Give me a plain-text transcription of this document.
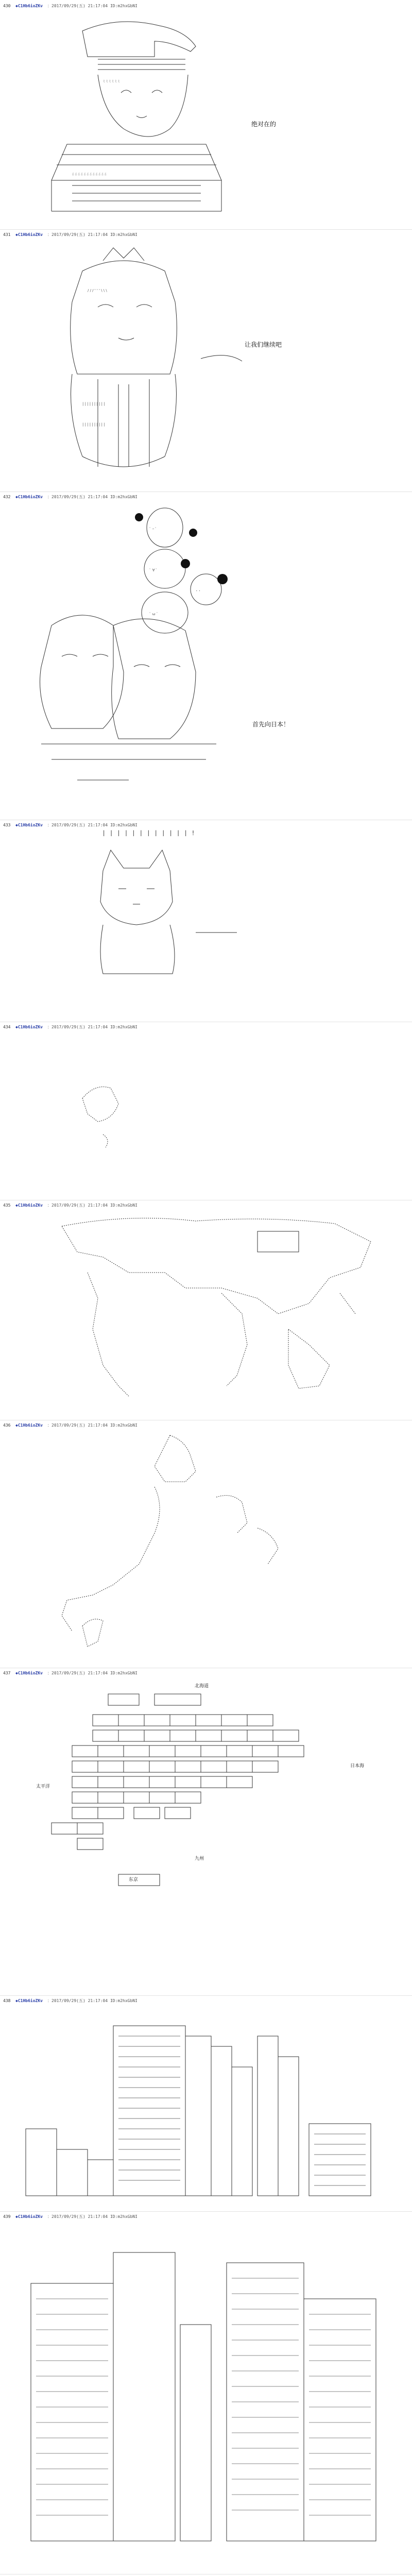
430 ◆C1Hb6ioZKv ：2017/09/29(五) 21:17:04 ID:m2hxGbNI
431 ◆C1Hb6ioZKv ：2017/09/29(五) 21:17:04 ID:m2hxGbNI
432 ◆C1Hb6ioZKv ：2017/09/29(五) 21:17:04 ID:m2hxGbNI
433 ◆C1Hb6ioZKv ：2017/09/29(五) 21:17:04 ID:m2hxGbNI
434 ◆C1Hb6ioZKv ：2017/09/29(五) 21:17:04 ID:m2hxGbNI
435 ◆C1Hb6ioZKv ：2017/09/29(五) 21:17:04 ID:m2hxGbNI
436 ◆C1Hb6ioZKv ：2017/09/29(五) 21:17:04 ID:m2hxGbNI
437 ◆C1Hb6ioZKv ：2017/09/29(五) 21:17:04 ID:m2hxGbNI
438 ◆C1Hb6ioZKv ：2017/09/29(五) 21:17:04 ID:m2hxGbNI
439 ◆C1Hb6ioZKv ：2017/09/29(五) 21:17:04 ID:m2hxGbNI
ﾐ ﾐ ﾐ ﾐ ﾐ ﾐ
ﾆ ﾆ ﾆ ﾆ ﾆ ﾆ ﾆ ﾆ ﾆ ﾆ ﾆ ﾆ
绝对在的
/ / / ' ' ' \ \ \
| | | | | | | | | |
| | | | | | | | | |
让我们继续吧
ﾟ ｰ ﾟ
ﾟ ∀ ﾟ
ﾟ ω ﾟ
･ ･
首先向日本！
| | | | | | | | | | | | !
北海道
九州
太平洋
日本海
东京
